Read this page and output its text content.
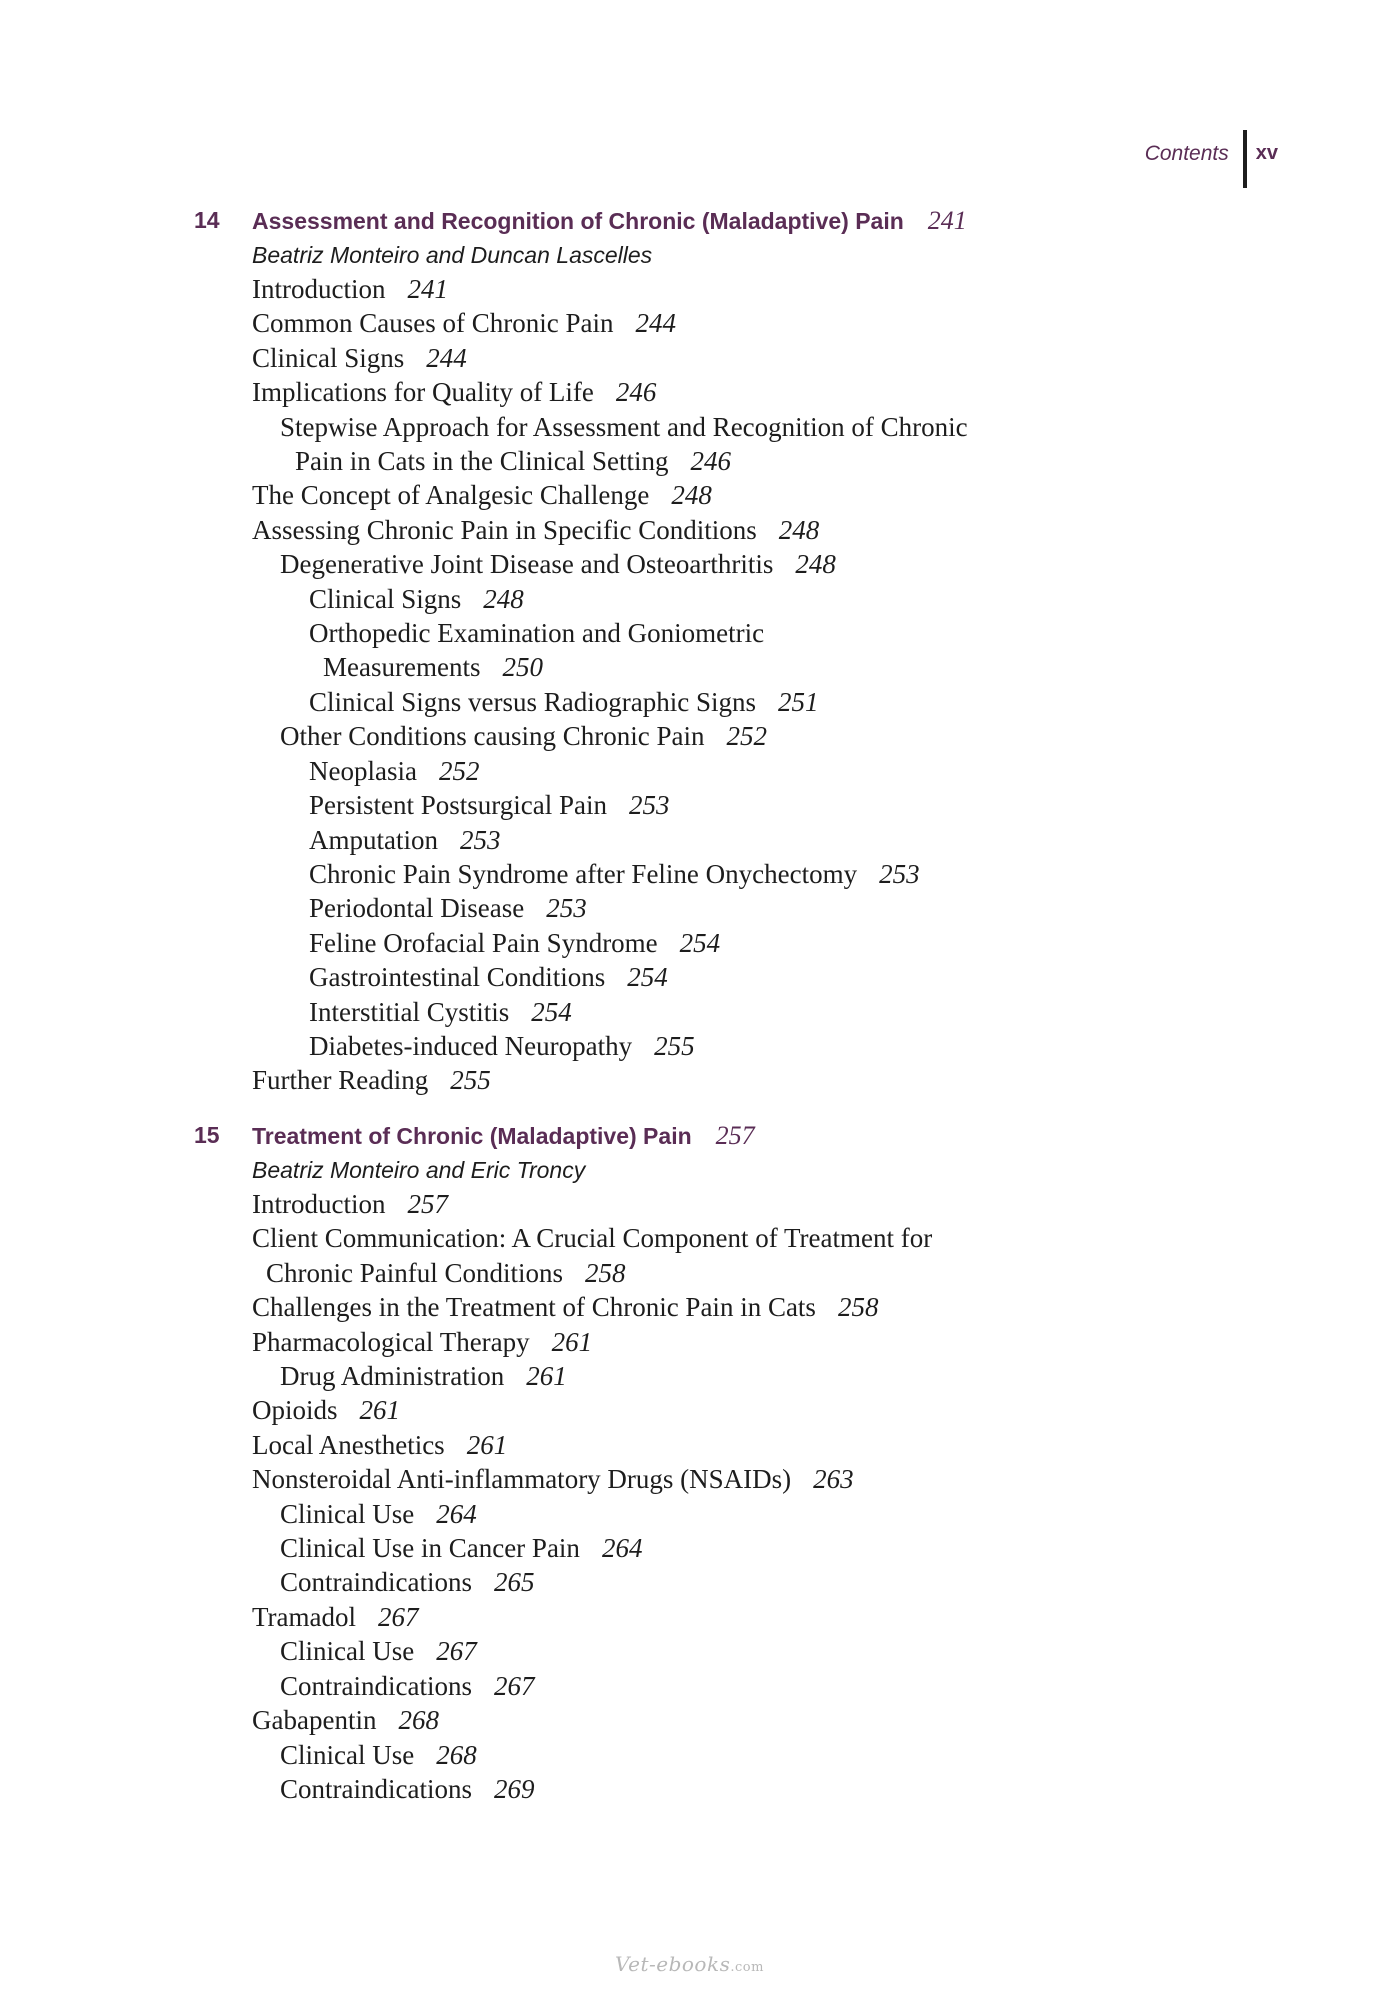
Contents xv
14 Assessment and Recognition of Chronic (Maladaptive) Pain 241
Beatriz Monteiro and Duncan Lascelles
Introduction 241
Common Causes of Chronic Pain 244
Clinical Signs 244
Implications for Quality of Life 246
Stepwise Approach for Assessment and Recognition of Chronic
Pain in Cats in the Clinical Setting 246
The Concept of Analgesic Challenge 248
Assessing Chronic Pain in Specific Conditions 248
Degenerative Joint Disease and Osteoarthritis 248
Clinical Signs 248
Orthopedic Examination and Goniometric
Measurements 250
Clinical Signs versus Radiographic Signs 251
Other Conditions causing Chronic Pain 252
Neoplasia 252
Persistent Postsurgical Pain 253
Amputation 253
Chronic Pain Syndrome after Feline Onychectomy 253
Periodontal Disease 253
Feline Orofacial Pain Syndrome 254
Gastrointestinal Conditions 254
Interstitial Cystitis 254
Diabetes-induced Neuropathy 255
Further Reading 255
15 Treatment of Chronic (Maladaptive) Pain 257
Beatriz Monteiro and Eric Troncy
Introduction 257
Client Communication: A Crucial Component of Treatment for
Chronic Painful Conditions 258
Challenges in the Treatment of Chronic Pain in Cats 258
Pharmacological Therapy 261
Drug Administration 261
Opioids 261
Local Anesthetics 261
Nonsteroidal Anti-inflammatory Drugs (NSAIDs) 263
Clinical Use 264
Clinical Use in Cancer Pain 264
Contraindications 265
Tramadol 267
Clinical Use 267
Contraindications 267
Gabapentin 268
Clinical Use 268
Contraindications 269
Vet-ebooks.com
